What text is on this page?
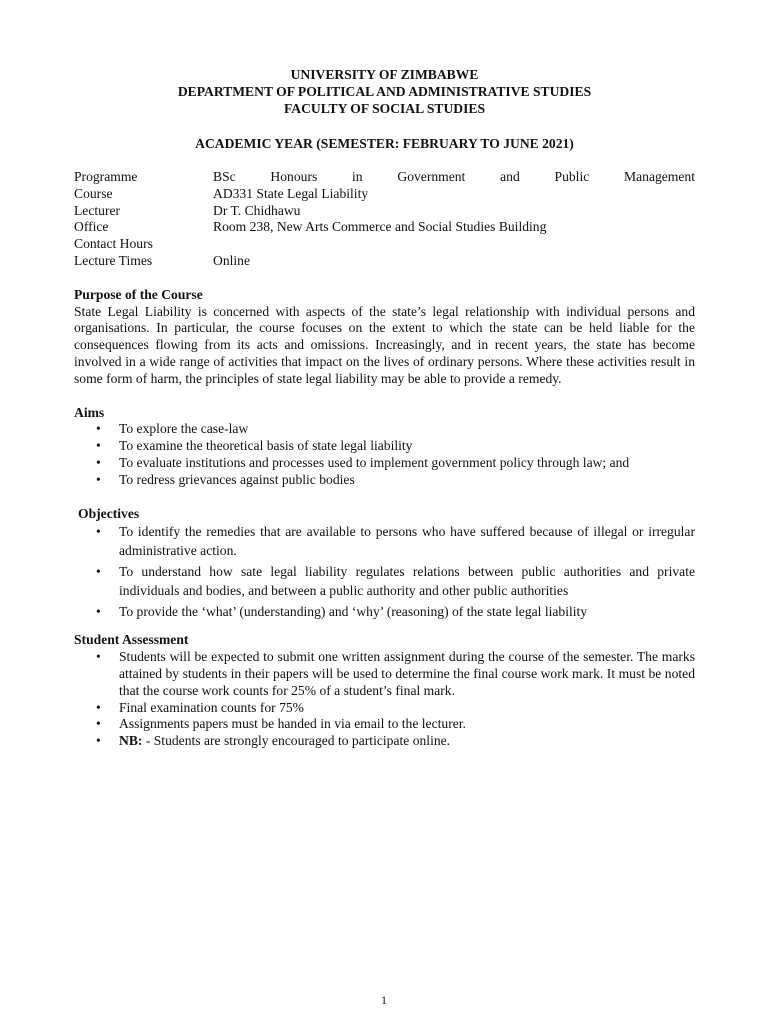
UNIVERSITY OF ZIMBABWE
DEPARTMENT OF POLITICAL AND ADMINISTRATIVE STUDIES
FACULTY OF SOCIAL STUDIES
ACADEMIC YEAR (SEMESTER: FEBRUARY TO JUNE 2021)
Programme	BSc Honours in Government and Public Management
Course	AD331 State Legal Liability
Lecturer	Dr T. Chidhawu
Office	Room 238, New Arts Commerce and Social Studies Building
Contact Hours
Lecture Times	Online
Purpose of the Course
State Legal Liability is concerned with aspects of the state’s legal relationship with individual persons and organisations. In particular, the course focuses on the extent to which the state can be held liable for the consequences flowing from its acts and omissions. Increasingly, and in recent years, the state has become involved in a wide range of activities that impact on the lives of ordinary persons. Where these activities result in some form of harm, the principles of state legal liability may be able to provide a remedy.
Aims
•	To explore the case-law
•	To examine the theoretical basis of state legal liability
•	To evaluate institutions and processes used to implement government policy through law; and
•	To redress grievances against public bodies
Objectives
•	To identify the remedies that are available to persons who have suffered because of illegal or irregular administrative action.
•	To understand how sate legal liability regulates relations between public authorities and private individuals and bodies, and between a public authority and other public authorities
•	To provide the ‘what’ (understanding) and ‘why’ (reasoning) of the state legal liability
Student Assessment
•	Students will be expected to submit one written assignment during the course of the semester. The marks attained by students in their papers will be used to determine the final course work mark. It must be noted that the course work counts for 25% of a student’s final mark.
•	Final examination counts for 75%
•	Assignments papers must be handed in via email to the lecturer.
•	NB: - Students are strongly encouraged to participate online.
1
